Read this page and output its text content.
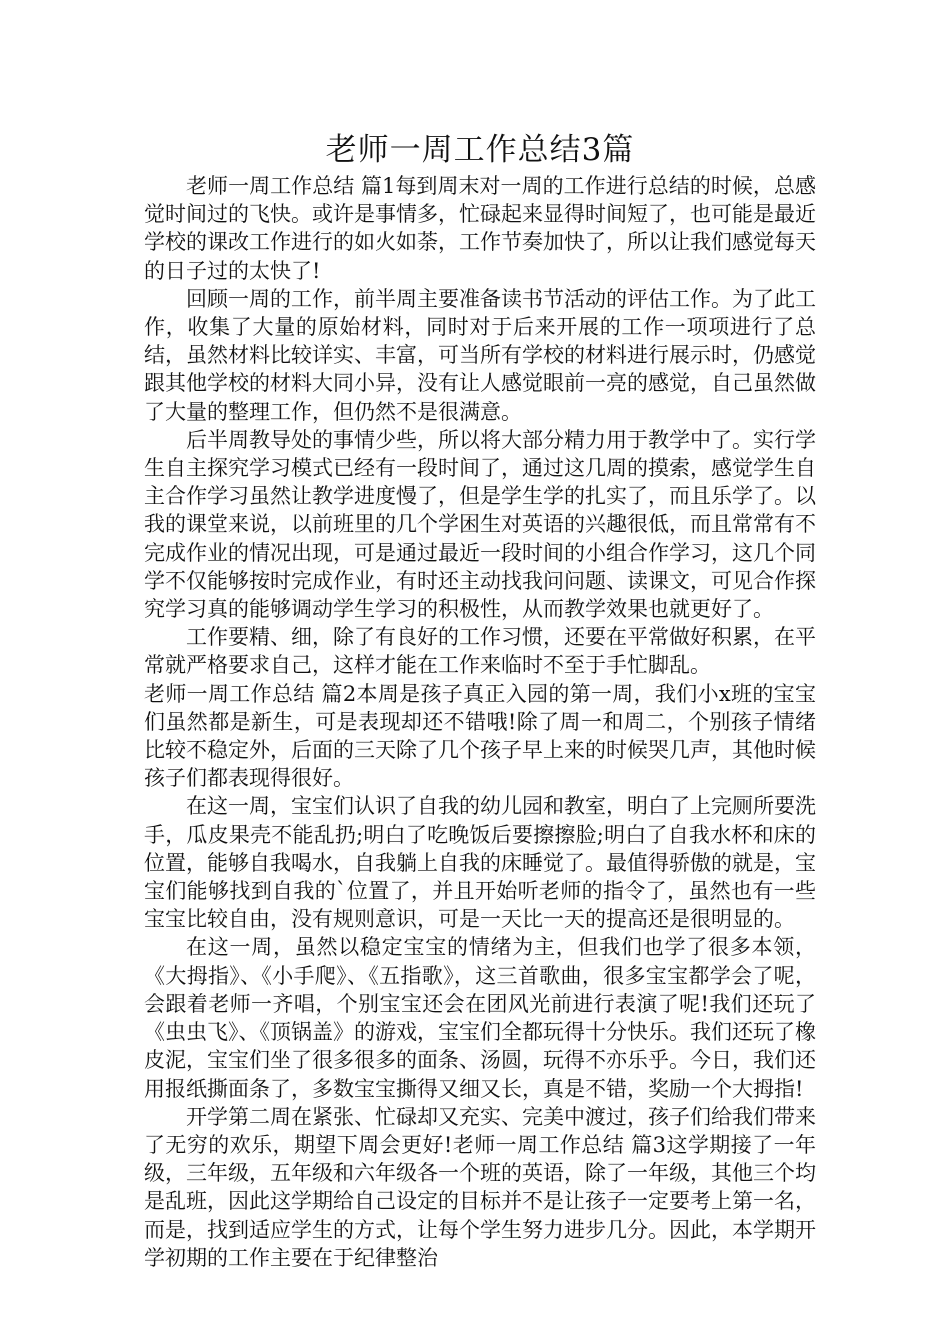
老师一周工作总结3篇

老师一周工作总结 篇1每到周末对一周的工作进行总结的时候，总感觉时间过的飞快。或许是事情多，忙碌起来显得时间短了，也可能是最近学校的课改工作进行的如火如荼，工作节奏加快了，所以让我们感觉每天的日子过的太快了!

回顾一周的工作，前半周主要准备读书节活动的评估工作。为了此工作，收集了大量的原始材料，同时对于后来开展的工作一项项进行了总结，虽然材料比较详实、丰富，可当所有学校的材料进行展示时，仍感觉跟其他学校的材料大同小异，没有让人感觉眼前一亮的感觉，自己虽然做了大量的整理工作，但仍然不是很满意。

后半周教导处的事情少些，所以将大部分精力用于教学中了。实行学生自主探究学习模式已经有一段时间了，通过这几周的摸索，感觉学生自主合作学习虽然让教学进度慢了，但是学生学的扎实了，而且乐学了。以我的课堂来说，以前班里的几个学困生对英语的兴趣很低，而且常常有不完成作业的情况出现，可是通过最近一段时间的小组合作学习，这几个同学不仅能够按时完成作业，有时还主动找我问问题、读课文，可见合作探究学习真的能够调动学生学习的积极性，从而教学效果也就更好了。

工作要精、细，除了有良好的工作习惯，还要在平常做好积累，在平常就严格要求自己，这样才能在工作来临时不至于手忙脚乱。

老师一周工作总结 篇2本周是孩子真正入园的第一周，我们小x班的宝宝们虽然都是新生，可是表现却还不错哦!除了周一和周二，个别孩子情绪比较不稳定外，后面的三天除了几个孩子早上来的时候哭几声，其他时候孩子们都表现得很好。

在这一周，宝宝们认识了自我的幼儿园和教室，明白了上完厕所要洗手，瓜皮果壳不能乱扔;明白了吃晚饭后要擦擦脸;明白了自我水杯和床的位置，能够自我喝水，自我躺上自我的床睡觉了。最值得骄傲的就是，宝宝们能够找到自我的`位置了，并且开始听老师的指令了，虽然也有一些宝宝比较自由，没有规则意识，可是一天比一天的提高还是很明显的。

在这一周，虽然以稳定宝宝的情绪为主，但我们也学了很多本领，《大拇指》、《小手爬》、《五指歌》，这三首歌曲，很多宝宝都学会了呢，会跟着老师一齐唱，个别宝宝还会在团风光前进行表演了呢!我们还玩了《虫虫飞》、《顶锅盖》的游戏，宝宝们全都玩得十分快乐。我们还玩了橡皮泥，宝宝们坐了很多很多的面条、汤圆，玩得不亦乐乎。今日，我们还用报纸撕面条了，多数宝宝撕得又细又长，真是不错，奖励一个大拇指!

开学第二周在紧张、忙碌却又充实、完美中渡过，孩子们给我们带来了无穷的欢乐，期望下周会更好!老师一周工作总结 篇3这学期接了一年级，三年级，五年级和六年级各一个班的英语，除了一年级，其他三个均是乱班，因此这学期给自己设定的目标并不是让孩子一定要考上第一名，而是，找到适应学生的方式，让每个学生努力进步几分。因此，本学期开学初期的工作主要在于纪律整治
